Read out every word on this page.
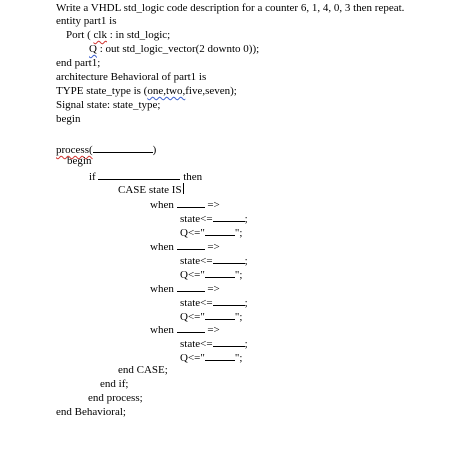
Write a VHDL std_logic code description for a counter 6, 1, 4, 0, 3 then repeat.
entity part1 is
Port ( clk : in std_logic;
Q : out std_logic_vector(2 downto 0));
end part1;
architecture Behavioral of part1 is
TYPE state_type is (one,two,five,seven);
Signal state: state_type;
begin
process(	)
begin
if	then
CASE state IS
when	=>
state<=	;
Q<="	";
when	=>
state<=	;
Q<="	";
when	=>
state<=	;
Q<="	";
when	=>
state<=	;
Q<="	";
end CASE;
end if;
end process;
end Behavioral;
